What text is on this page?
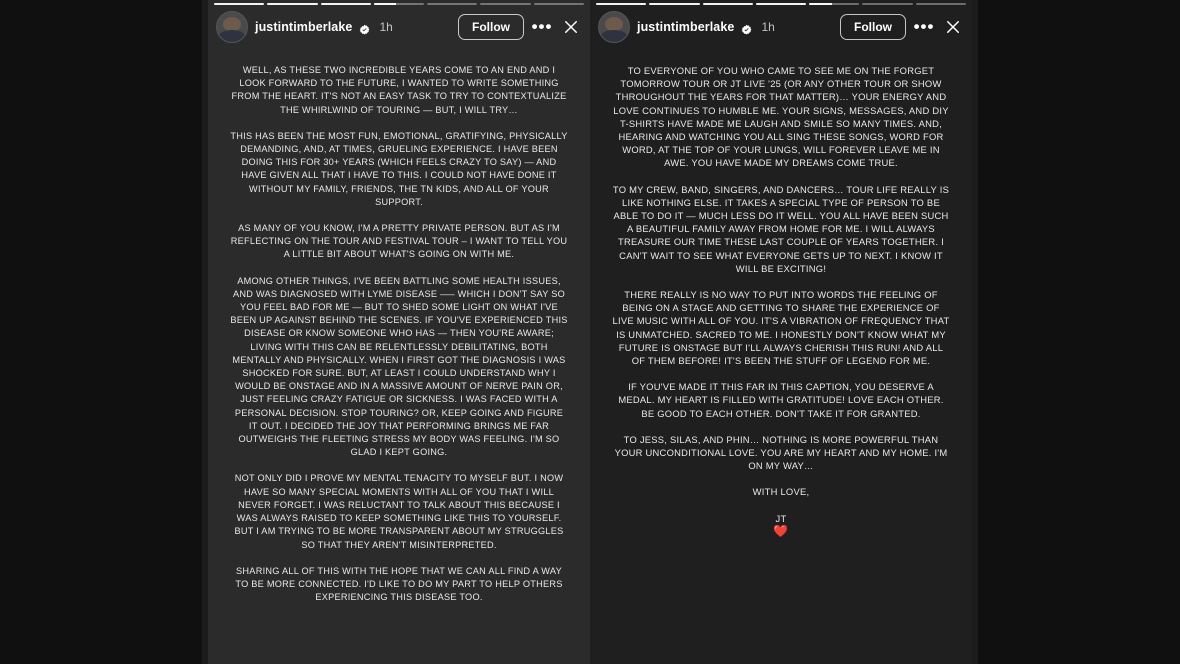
justintimberlake 1h	Follow	•••

WELL, AS THESE TWO INCREDIBLE YEARS COME TO AN END AND I LOOK FORWARD TO THE FUTURE, I WANTED TO WRITE SOMETHING FROM THE HEART. IT'S NOT AN EASY TASK TO TRY TO CONTEXTUALIZE THE WHIRLWIND OF TOURING — BUT, I WILL TRY…

THIS HAS BEEN THE MOST FUN, EMOTIONAL, GRATIFYING, PHYSICALLY DEMANDING, AND, AT TIMES, GRUELING EXPERIENCE. I HAVE BEEN DOING THIS FOR 30+ YEARS (WHICH FEELS CRAZY TO SAY) — AND HAVE GIVEN ALL THAT I HAVE TO THIS. I COULD NOT HAVE DONE IT WITHOUT MY FAMILY, FRIENDS, THE TN KIDS, AND ALL OF YOUR SUPPORT.

AS MANY OF YOU KNOW, I'M A PRETTY PRIVATE PERSON. BUT AS I'M REFLECTING ON THE TOUR AND FESTIVAL TOUR – I WANT TO TELL YOU A LITTLE BIT ABOUT WHAT'S GOING ON WITH ME.

AMONG OTHER THINGS, I'VE BEEN BATTLING SOME HEALTH ISSUES, AND WAS DIAGNOSED WITH LYME DISEASE —– WHICH I DON'T SAY SO YOU FEEL BAD FOR ME — BUT TO SHED SOME LIGHT ON WHAT I'VE BEEN UP AGAINST BEHIND THE SCENES. IF YOU'VE EXPERIENCED THIS DISEASE OR KNOW SOMEONE WHO HAS — THEN YOU'RE AWARE; LIVING WITH THIS CAN BE RELENTLESSLY DEBILITATING, BOTH MENTALLY AND PHYSICALLY. WHEN I FIRST GOT THE DIAGNOSIS I WAS SHOCKED FOR SURE. BUT, AT LEAST I COULD UNDERSTAND WHY I WOULD BE ONSTAGE AND IN A MASSIVE AMOUNT OF NERVE PAIN OR, JUST FEELING CRAZY FATIGUE OR SICKNESS. I WAS FACED WITH A PERSONAL DECISION. STOP TOURING? OR, KEEP GOING AND FIGURE IT OUT. I DECIDED THE JOY THAT PERFORMING BRINGS ME FAR OUTWEIGHS THE FLEETING STRESS MY BODY WAS FEELING. I'M SO GLAD I KEPT GOING.

NOT ONLY DID I PROVE MY MENTAL TENACITY TO MYSELF BUT. I NOW HAVE SO MANY SPECIAL MOMENTS WITH ALL OF YOU THAT I WILL NEVER FORGET. I WAS RELUCTANT TO TALK ABOUT THIS BECAUSE I WAS ALWAYS RAISED TO KEEP SOMETHING LIKE THIS TO YOURSELF. BUT I AM TRYING TO BE MORE TRANSPARENT ABOUT MY STRUGGLES SO THAT THEY AREN'T MISINTERPRETED.

SHARING ALL OF THIS WITH THE HOPE THAT WE CAN ALL FIND A WAY TO BE MORE CONNECTED. I'D LIKE TO DO MY PART TO HELP OTHERS EXPERIENCING THIS DISEASE TOO.

justintimberlake 1h	Follow	•••

TO EVERYONE OF YOU WHO CAME TO SEE ME ON THE FORGET TOMORROW TOUR OR JT LIVE '25 (OR ANY OTHER TOUR OR SHOW THROUGHOUT THE YEARS FOR THAT MATTER)… YOUR ENERGY AND LOVE CONTINUES TO HUMBLE ME. YOUR SIGNS, MESSAGES, AND DIY T-SHIRTS HAVE MADE ME LAUGH AND SMILE SO MANY TIMES. AND, HEARING AND WATCHING YOU ALL SING THESE SONGS, WORD FOR WORD, AT THE TOP OF YOUR LUNGS, WILL FOREVER LEAVE ME IN AWE. YOU HAVE MADE MY DREAMS COME TRUE.

TO MY CREW, BAND, SINGERS, AND DANCERS… TOUR LIFE REALLY IS LIKE NOTHING ELSE. IT TAKES A SPECIAL TYPE OF PERSON TO BE ABLE TO DO IT — MUCH LESS DO IT WELL. YOU ALL HAVE BEEN SUCH A BEAUTIFUL FAMILY AWAY FROM HOME FOR ME. I WILL ALWAYS TREASURE OUR TIME THESE LAST COUPLE OF YEARS TOGETHER. I CAN'T WAIT TO SEE WHAT EVERYONE GETS UP TO NEXT. I KNOW IT WILL BE EXCITING!

THERE REALLY IS NO WAY TO PUT INTO WORDS THE FEELING OF BEING ON A STAGE AND GETTING TO SHARE THE EXPERIENCE OF LIVE MUSIC WITH ALL OF YOU. IT'S A VIBRATION OF FREQUENCY THAT IS UNMATCHED. SACRED TO ME. I HONESTLY DON'T KNOW WHAT MY FUTURE IS ONSTAGE BUT I'LL ALWAYS CHERISH THIS RUN! AND ALL OF THEM BEFORE! IT'S BEEN THE STUFF OF LEGEND FOR ME.

IF YOU'VE MADE IT THIS FAR IN THIS CAPTION, YOU DESERVE A MEDAL. MY HEART IS FILLED WITH GRATITUDE! LOVE EACH OTHER. BE GOOD TO EACH OTHER. DON'T TAKE IT FOR GRANTED.

TO JESS, SILAS, AND PHIN… NOTHING IS MORE POWERFUL THAN YOUR UNCONDITIONAL LOVE. YOU ARE MY HEART AND MY HOME. I'M ON MY WAY…

WITH LOVE,

JT

❤️
